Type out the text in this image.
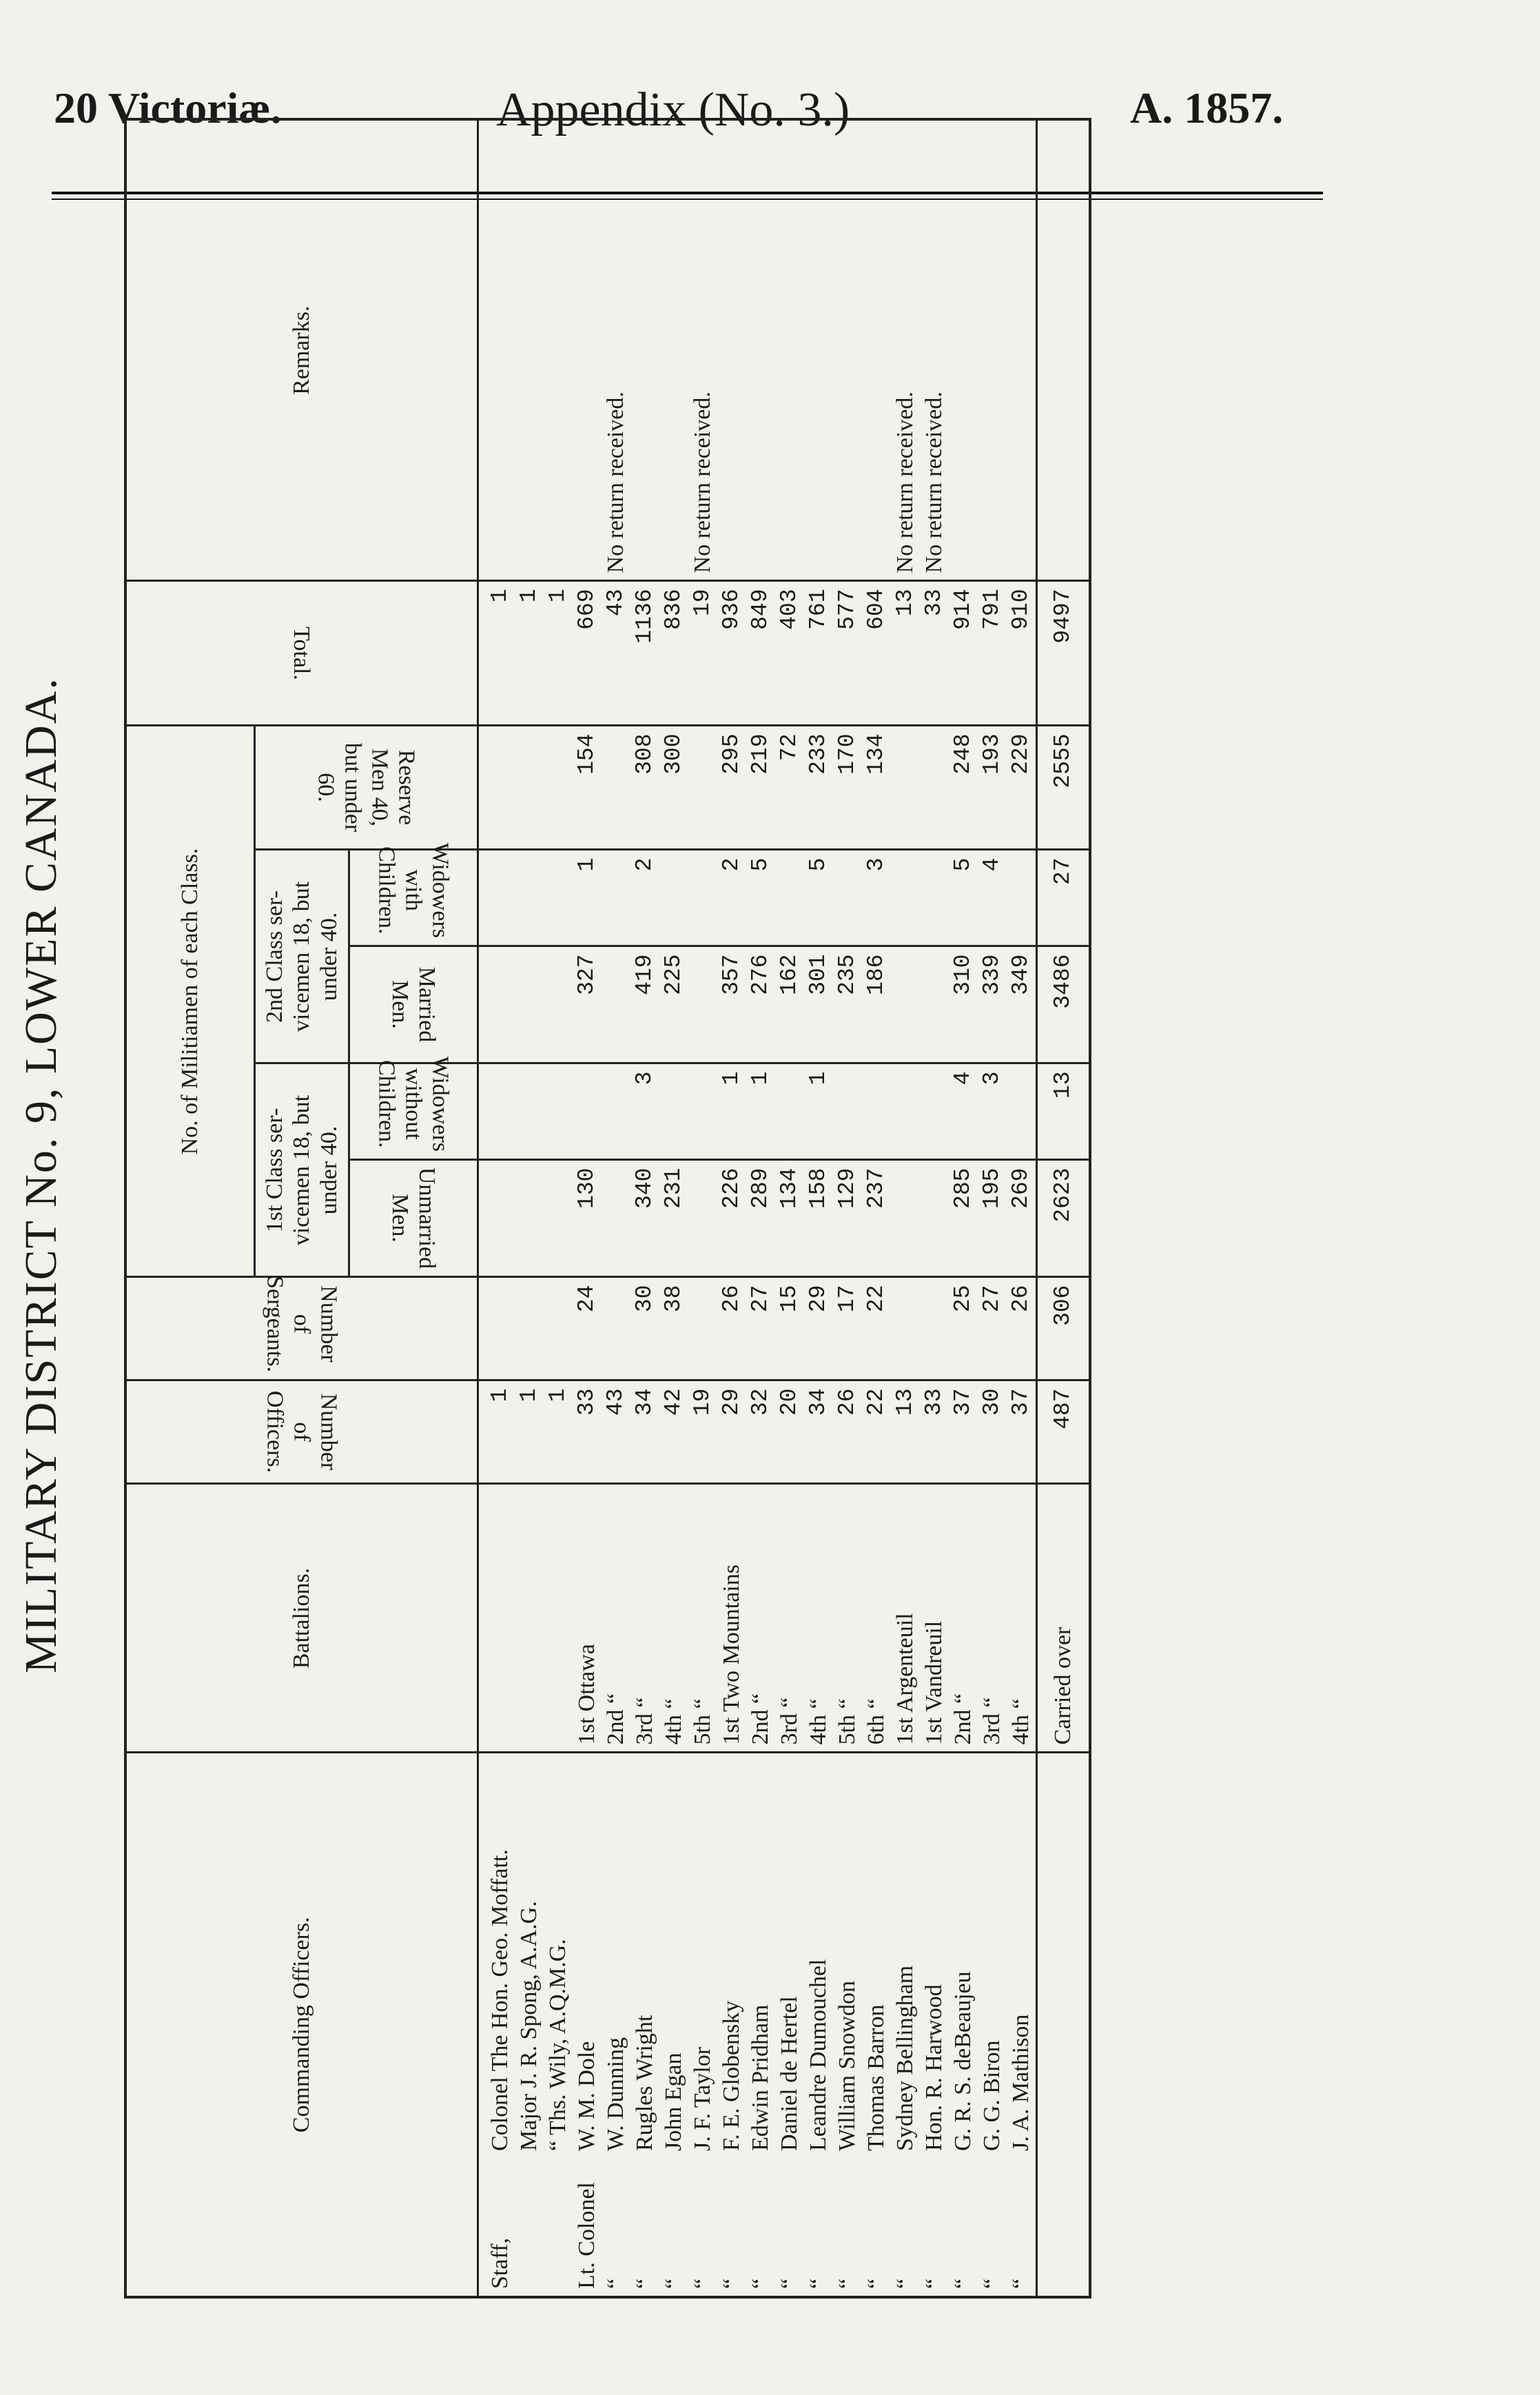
20 Victoriæ.	Appendix (No. 3.)	A. 1857.
MILITARY DISTRICT No. 9, LOWER CANADA.
Commanding Officers.	Battalions.	Number of Officers.	Number of Sergeants.	No. of Militiamen of each Class.					Total.	Remarks.
				1st Class ser- vicemen 18, but under 40.		2nd Class ser- vicemen 18, but under 40.		Reserve Men 40, but under 60.		
				Unmarried Men.	Widowers without Children.	Married Men.	Widowers with Children.			
Staff,Colonel The Hon. Geo. Moffatt.		1							1	
Major J. R. Spong, A.A.G.		1							1	
“ Ths. Wily, A.Q.M.G.		1							1	
Lt. ColonelW. M. Dole	1st Ottawa	33	24	130		327	1	154	669	
“W. Dunning	2nd “	43							43	No return received.
“Rugles Wright	3rd “	34	30	340	3	419	2	308	1136	
“John Egan	4th “	42	38	231		225		300	836	
“J. F. Taylor	5th “	19							19	No return received.
“F. E. Globensky	1st Two Mountains	29	26	226	1	357	2	295	936	
“Edwin Pridham	2nd “	32	27	289	1	276	5	219	849	
“Daniel de Hertel	3rd “	20	15	134		162		72	403	
“Leandre Dumouchel	4th “	34	29	158	1	301	5	233	761	
“William Snowdon	5th “	26	17	129		235		170	577	
“Thomas Barron	6th “	22	22	237		186	3	134	604	
“Sydney Bellingham	1st Argenteuil	13							13	No return received.
“Hon. R. Harwood	1st Vandreuil	33							33	No return received.
“G. R. S. deBeaujeu	2nd “	37	25	285	4	310	5	248	914	
“G. G. Biron	3rd “	30	27	195	3	339	4	193	791	
“J. A. Mathison	4th “	37	26	269		349		229	910	
	Carried over	487	306	2623	13	3486	27	2555	9497	
